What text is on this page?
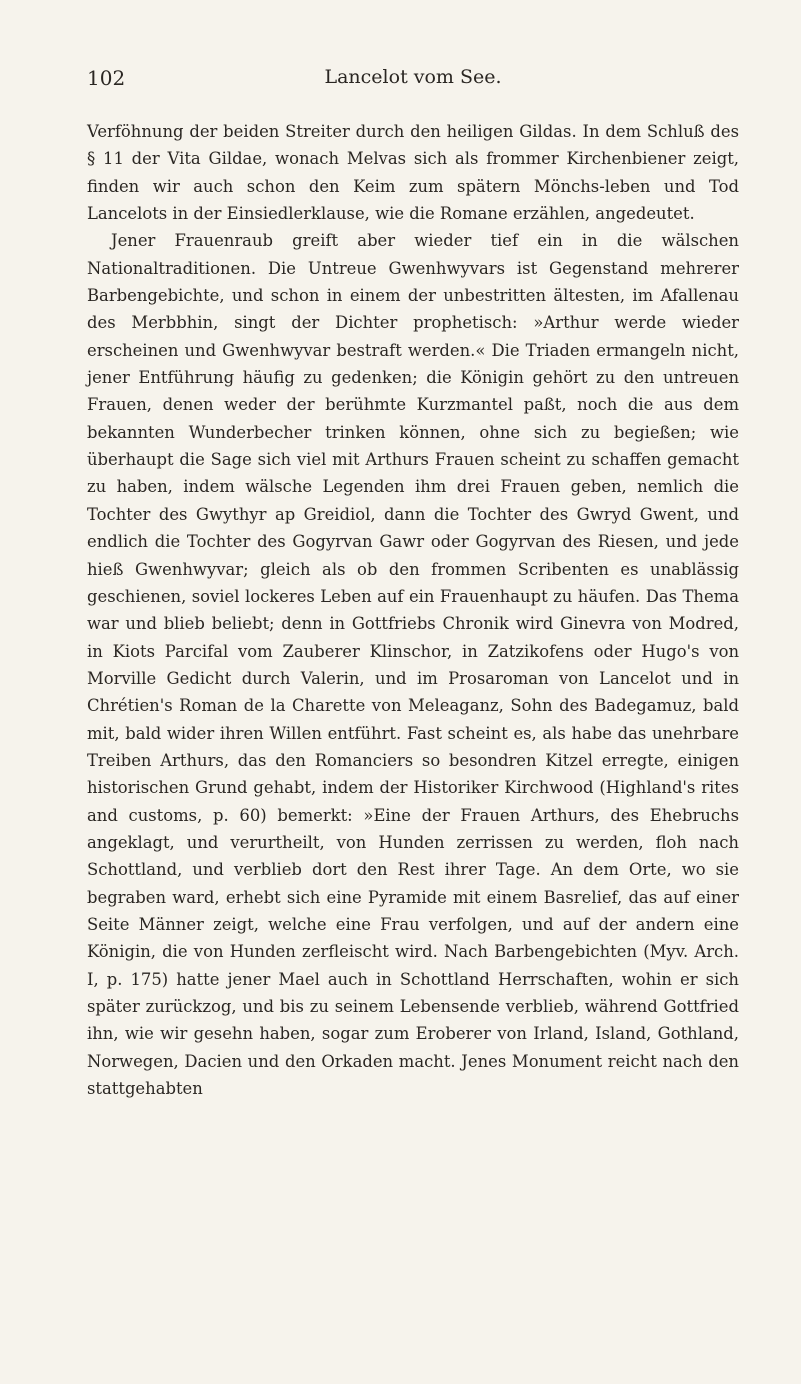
102	Lancelot vom See.

Verföhnung der beiden Streiter durch den heiligen Gildas. In dem Schluß des § 11 der Vita Gildae, wonach Melvas sich als frommer Kirchenbiener zeigt, finden wir auch schon den Keim zum spätern Mönchs-leben und Tod Lancelots in der Einsiedlerklause, wie die Romane erzählen, angedeutet.

Jener Frauenraub greift aber wieder tief ein in die wälschen Nationaltraditionen. Die Untreue Gwenhwyvars ist Gegenstand mehrerer Barbengebichte, und schon in einem der unbestritten ältesten, im Afallenau des Merbbhin, singt der Dichter prophetisch: »Arthur werde wieder erscheinen und Gwenhwyvar bestraft werden.« Die Triaden ermangeln nicht, jener Entführung häufig zu gedenken; die Königin gehört zu den untreuen Frauen, denen weder der berühmte Kurzmantel paßt, noch die aus dem bekannten Wunderbecher trinken können, ohne sich zu begießen; wie überhaupt die Sage sich viel mit Arthurs Frauen scheint zu schaffen gemacht zu haben, indem wälsche Legenden ihm drei Frauen geben, nemlich die Tochter des Gwythyr ap Greidiol, dann die Tochter des Gwryd Gwent, und endlich die Tochter des Gogyrvan Gawr oder Gogyrvan des Riesen, und jede hieß Gwenhwyvar; gleich als ob den frommen Scribenten es unablässig geschienen, soviel lockeres Leben auf ein Frauenhaupt zu häufen. Das Thema war und blieb beliebt; denn in Gottfriebs Chronik wird Ginevra von Modred, in Kiots Parcifal vom Zauberer Klinschor, in Zatzikofens oder Hugo's von Morville Gedicht durch Valerin, und im Prosaroman von Lancelot und in Chrétien's Roman de la Charette von Meleaganz, Sohn des Badegamuz, bald mit, bald wider ihren Willen entführt. Fast scheint es, als habe das unehrbare Treiben Arthurs, das den Romanciers so besondren Kitzel erregte, einigen historischen Grund gehabt, indem der Historiker Kirchwood (Highland's rites and customs, p. 60) bemerkt: »Eine der Frauen Arthurs, des Ehebruchs angeklagt, und verurtheilt, von Hunden zerrissen zu werden, floh nach Schottland, und verblieb dort den Rest ihrer Tage. An dem Orte, wo sie begraben ward, erhebt sich eine Pyramide mit einem Basrelief, das auf einer Seite Männer zeigt, welche eine Frau verfolgen, und auf der andern eine Königin, die von Hunden zerfleischt wird. Nach Barbengebichten (Myv. Arch. I, p. 175) hatte jener Mael auch in Schottland Herrschaften, wohin er sich später zurückzog, und bis zu seinem Lebensende verblieb, während Gottfried ihn, wie wir gesehn haben, sogar zum Eroberer von Irland, Island, Gothland, Norwegen, Dacien und den Orkaden macht. Jenes Monument reicht nach den stattgehabten
